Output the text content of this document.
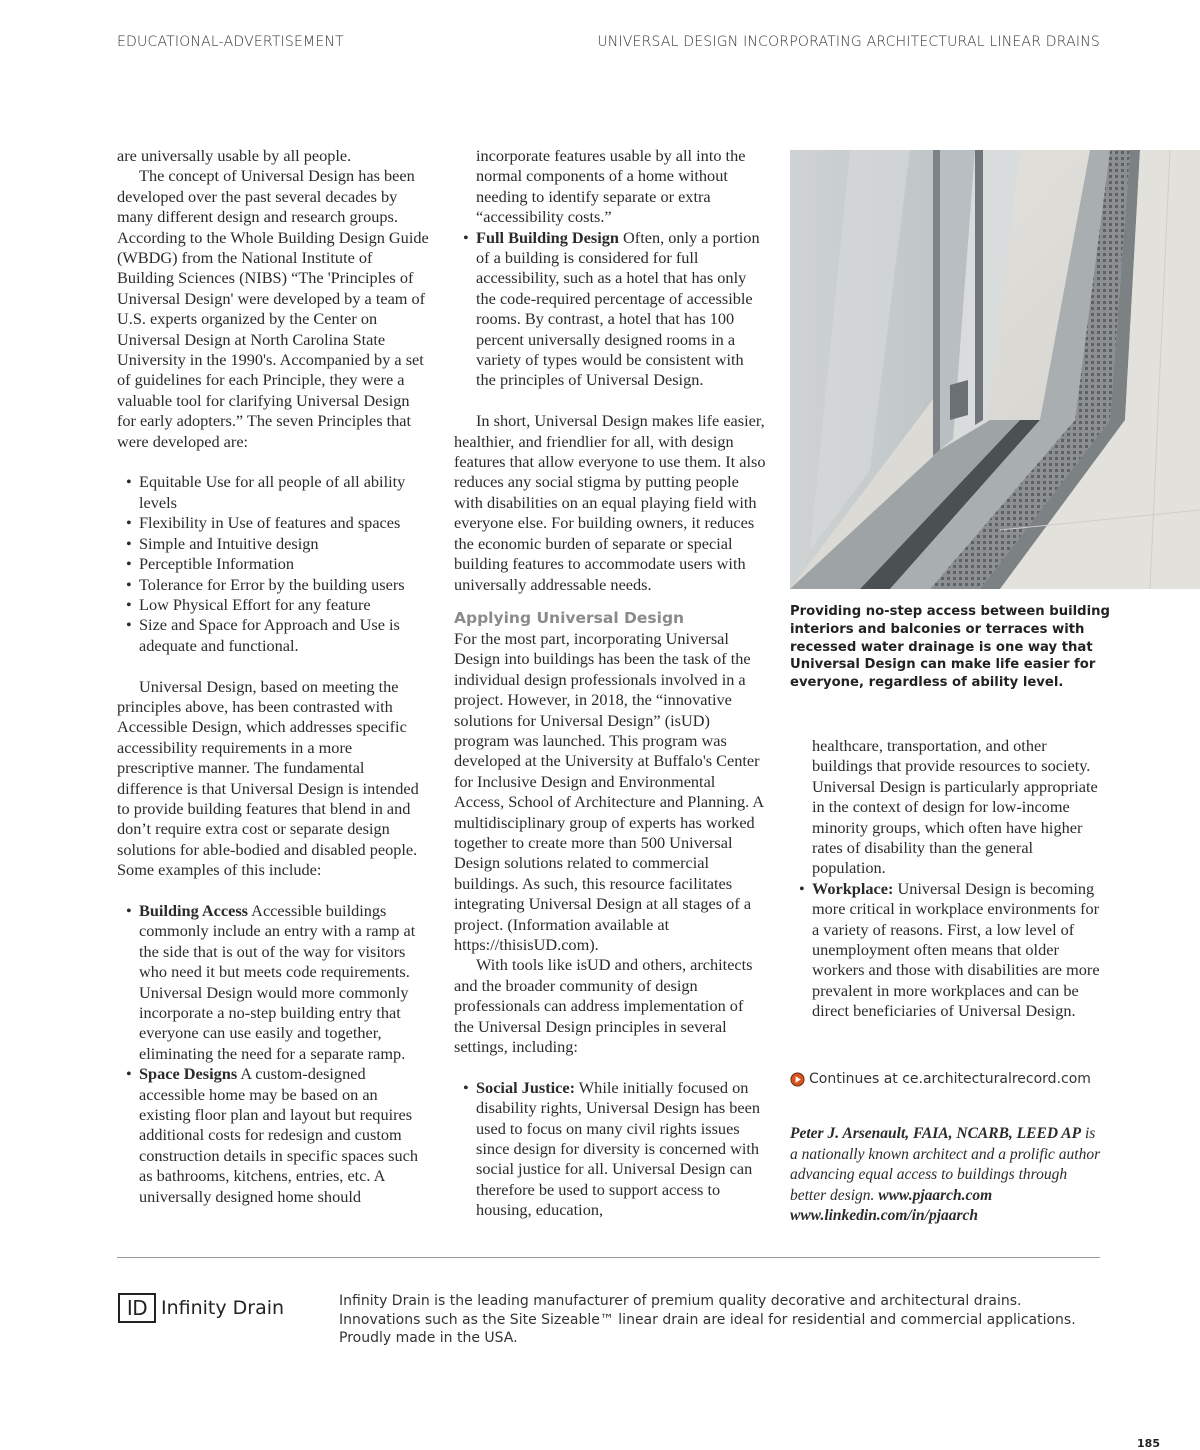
EDUCATIONAL-ADVERTISEMENT	UNIVERSAL DESIGN INCORPORATING ARCHITECTURAL LINEAR DRAINS

are universally usable by all people.

The concept of Universal Design has been developed over the past several decades by many different design and research groups. According to the Whole Building Design Guide (WBDG) from the National Institute of Building Sciences (NIBS) “The 'Principles of Universal Design' were developed by a team of U.S. experts organized by the Center on Universal Design at North Carolina State University in the 1990's. Accompanied by a set of guidelines for each Principle, they were a valuable tool for clarifying Universal Design for early adopters.” The seven Principles that were developed are:

• Equitable Use for all people of all ability levels
• Flexibility in Use of features and spaces
• Simple and Intuitive design
• Perceptible Information
• Tolerance for Error by the building users
• Low Physical Effort for any feature
• Size and Space for Approach and Use is adequate and functional.

Universal Design, based on meeting the principles above, has been contrasted with Accessible Design, which addresses specific accessibility requirements in a more prescriptive manner. The fundamental difference is that Universal Design is intended to provide building features that blend in and don’t require extra cost or separate design solutions for able-bodied and disabled people. Some examples of this include:

• Building Access Accessible buildings commonly include an entry with a ramp at the side that is out of the way for visitors who need it but meets code requirements. Universal Design would more commonly incorporate a no-step building entry that everyone can use easily and together, eliminating the need for a separate ramp.
• Space Designs A custom-designed accessible home may be based on an existing floor plan and layout but requires additional costs for redesign and custom construction details in specific spaces such as bathrooms, kitchens, entries, etc. A universally designed home should

incorporate features usable by all into the normal components of a home without needing to identify separate or extra “accessibility costs.”

• Full Building Design Often, only a portion of a building is considered for full accessibility, such as a hotel that has only the code-required percentage of accessible rooms. By contrast, a hotel that has 100 percent universally designed rooms in a variety of types would be consistent with the principles of Universal Design.

In short, Universal Design makes life easier, healthier, and friendlier for all, with design features that allow everyone to use them. It also reduces any social stigma by putting people with disabilities on an equal playing field with everyone else. For building owners, it reduces the economic burden of separate or special building features to accommodate users with universally addressable needs.

Applying Universal Design

For the most part, incorporating Universal Design into buildings has been the task of the individual design professionals involved in a project. However, in 2018, the “innovative solutions for Universal Design” (isUD) program was launched. This program was developed at the University at Buffalo's Center for Inclusive Design and Environmental Access, School of Architecture and Planning. A multidisciplinary group of experts has worked together to create more than 500 Universal Design solutions related to commercial buildings. As such, this resource facilitates integrating Universal Design at all stages of a project. (Information available at https://thisisUD.com).

With tools like isUD and others, architects and the broader community of design professionals can address implementation of the Universal Design principles in several settings, including:

• Social Justice: While initially focused on disability rights, Universal Design has been used to focus on many civil rights issues since design for diversity is concerned with social justice for all. Universal Design can therefore be used to support access to housing, education,

Providing no-step access between building interiors and balconies or terraces with recessed water drainage is one way that Universal Design can make life easier for everyone, regardless of ability level.

healthcare, transportation, and other buildings that provide resources to society. Universal Design is particularly appropriate in the context of design for low-income minority groups, which often have higher rates of disability than the general population.

• Workplace: Universal Design is becoming more critical in workplace environments for a variety of reasons. First, a low level of unemployment often means that older workers and those with disabilities are more prevalent in more workplaces and can be direct beneficiaries of Universal Design.
Continues at ce.architecturalrecord.com

Peter J. Arsenault, FAIA, NCARB, LEED AP is a nationally known architect and a prolific author advancing equal access to buildings through better design. www.pjaarch.com www.linkedin.com/in/pjaarch

ID Infinity Drain	Infinity Drain is the leading manufacturer of premium quality decorative and architectural drains. Innovations such as the Site Sizeable™ linear drain are ideal for residential and commercial applications. Proudly made in the USA.

185
